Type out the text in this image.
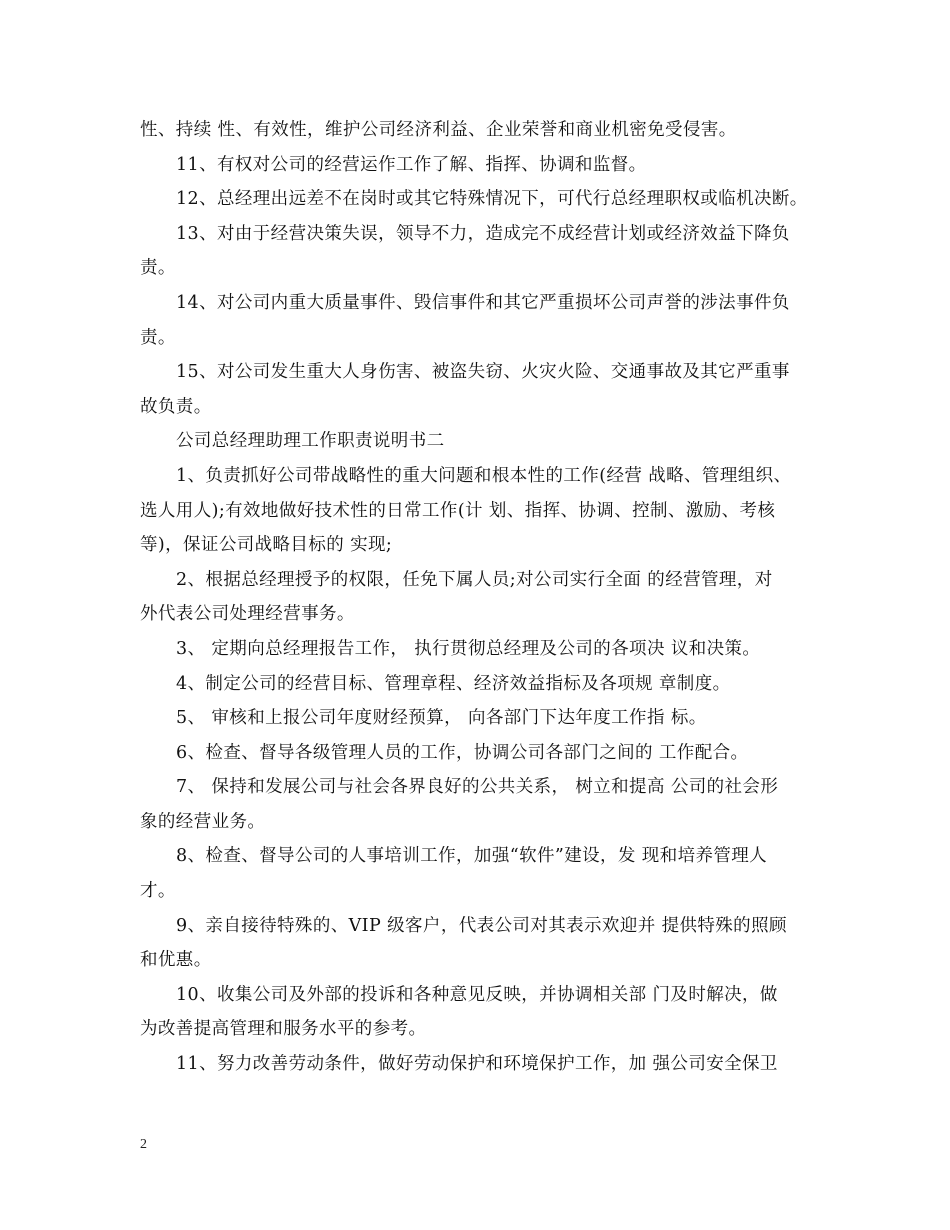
性、持续 性、有效性，维护公司经济利益、企业荣誉和商业机密免受侵害。
11、有权对公司的经营运作工作了解、指挥、协调和监督。
12、总经理出远差不在岗时或其它特殊情况下，可代行总经理职权或临机决断。
13、对由于经营决策失误，领导不力，造成完不成经营计划或经济效益下降负
责。
14、对公司内重大质量事件、毁信事件和其它严重损坏公司声誉的涉法事件负
责。
15、对公司发生重大人身伤害、被盗失窃、火灾火险、交通事故及其它严重事
故负责。
公司总经理助理工作职责说明书二
1、负责抓好公司带战略性的重大问题和根本性的工作(经营 战略、管理组织、
选人用人);有效地做好技术性的日常工作(计 划、指挥、协调、控制、激励、考核
等)，保证公司战略目标的 实现;
2、根据总经理授予的权限，任免下属人员;对公司实行全面 的经营管理，对
外代表公司处理经营事务。
3、 定期向总经理报告工作， 执行贯彻总经理及公司的各项决 议和决策。
4、制定公司的经营目标、管理章程、经济效益指标及各项规 章制度。
5、 审核和上报公司年度财经预算， 向各部门下达年度工作指 标。
6、检查、督导各级管理人员的工作，协调公司各部门之间的 工作配合。
7、 保持和发展公司与社会各界良好的公共关系， 树立和提高 公司的社会形
象的经营业务。
8、检查、督导公司的人事培训工作，加强“软件”建设，发 现和培养管理人
才。
9、亲自接待特殊的、VIP 级客户，代表公司对其表示欢迎并 提供特殊的照顾
和优惠。
10、收集公司及外部的投诉和各种意见反映，并协调相关部 门及时解决，做
为改善提高管理和服务水平的参考。
11、努力改善劳动条件，做好劳动保护和环境保护工作，加 强公司安全保卫
2
